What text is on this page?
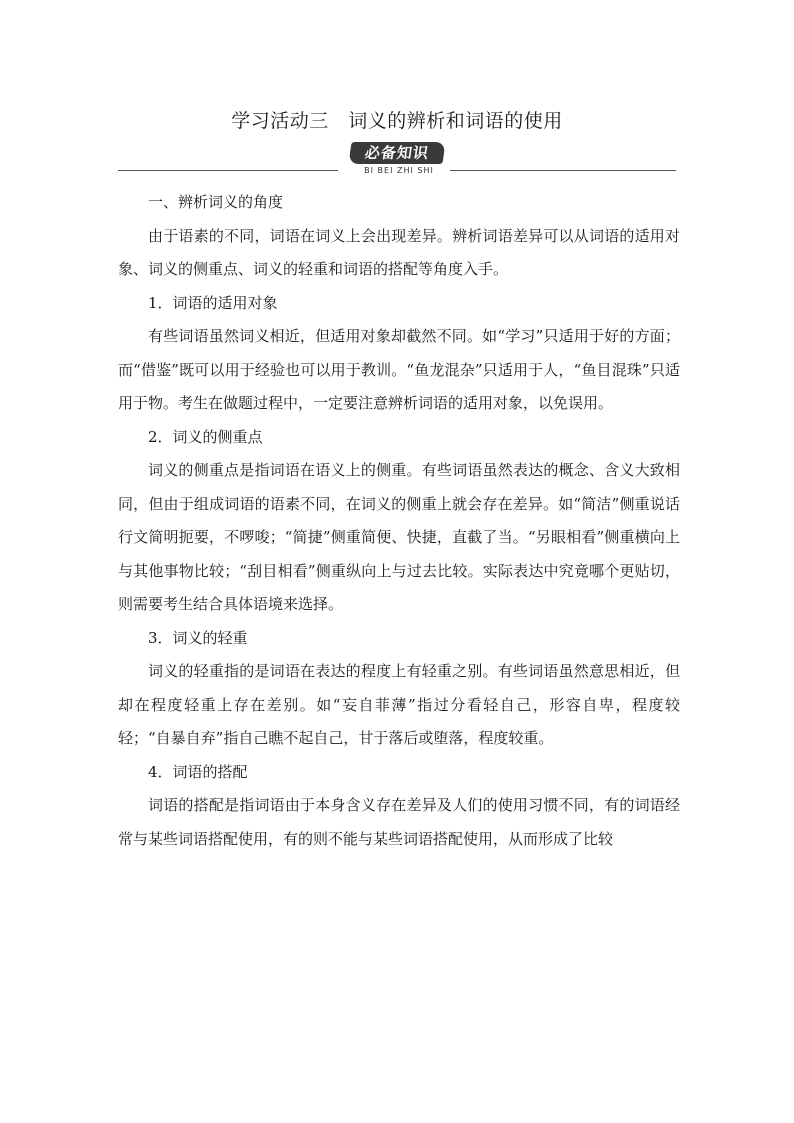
学习活动三　词义的辨析和词语的使用
必备知识
BI BEI ZHI SHI

一、辨析词义的角度

由于语素的不同，词语在词义上会出现差异。辨析词语差异可以从词语的适用对象、词义的侧重点、词义的轻重和词语的搭配等角度入手。

1．词语的适用对象

有些词语虽然词义相近，但适用对象却截然不同。如“学习”只适用于好的方面；而“借鉴”既可以用于经验也可以用于教训。“鱼龙混杂”只适用于人，“鱼目混珠”只适用于物。考生在做题过程中，一定要注意辨析词语的适用对象，以免误用。

2．词义的侧重点

词义的侧重点是指词语在语义上的侧重。有些词语虽然表达的概念、含义大致相同，但由于组成词语的语素不同，在词义的侧重上就会存在差异。如“简洁”侧重说话行文简明扼要，不啰唆；“简捷”侧重简便、快捷，直截了当。“另眼相看”侧重横向上与其他事物比较；“刮目相看”侧重纵向上与过去比较。实际表达中究竟哪个更贴切，则需要考生结合具体语境来选择。

3．词义的轻重

词义的轻重指的是词语在表达的程度上有轻重之别。有些词语虽然意思相近，但却在程度轻重上存在差别。如“妄自菲薄”指过分看轻自己，形容自卑，程度较轻；“自暴自弃”指自己瞧不起自己，甘于落后或堕落，程度较重。

4．词语的搭配

词语的搭配是指词语由于本身含义存在差异及人们的使用习惯不同，有的词语经常与某些词语搭配使用，有的则不能与某些词语搭配使用，从而形成了比较
